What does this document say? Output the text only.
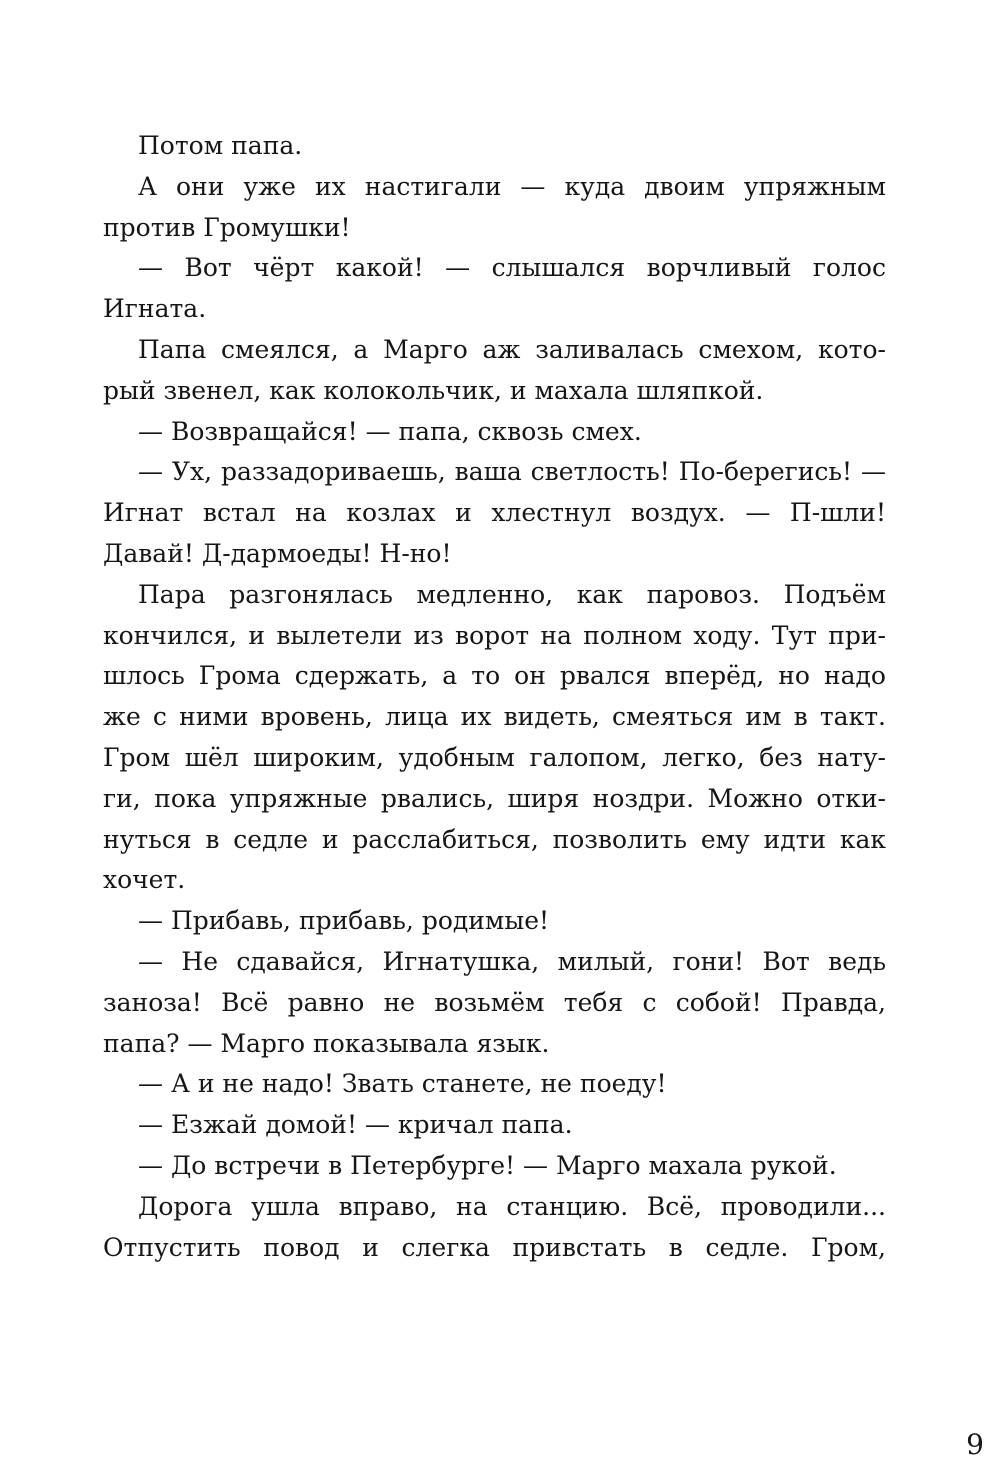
Потом папа.
А они уже их настигали — куда двоим упряжным
против Громушки!
— Вот чёрт какой! — слышался ворчливый голос
Игната.
Папа смеялся, а Марго аж заливалась смехом, кото-
рый звенел, как колокольчик, и махала шляпкой.
— Возвращайся! — папа, сквозь смех.
— Ух, раззадориваешь, ваша светлость! По-берегись! —
Игнат встал на козлах и хлестнул воздух. — П-шли!
Давай! Д-дармоеды! Н-но!
Пара разгонялась медленно, как паровоз. Подъём
кончился, и вылетели из ворот на полном ходу. Тут при-
шлось Грома сдержать, а то он рвался вперёд, но надо
же с ними вровень, лица их видеть, смеяться им в такт.
Гром шёл широким, удобным галопом, легко, без нату-
ги, пока упряжные рвались, ширя ноздри. Можно отки-
нуться в седле и расслабиться, позволить ему идти как
хочет.
— Прибавь, прибавь, родимые!
— Не сдавайся, Игнатушка, милый, гони! Вот ведь
заноза! Всё равно не возьмём тебя с собой! Правда,
папа? — Марго показывала язык.
— А и не надо! Звать станете, не поеду!
— Езжай домой! — кричал папа.
— До встречи в Петербурге! — Марго махала рукой.
Дорога ушла вправо, на станцию. Всё, проводили...
Отпустить повод и слегка привстать в седле. Гром,
9
